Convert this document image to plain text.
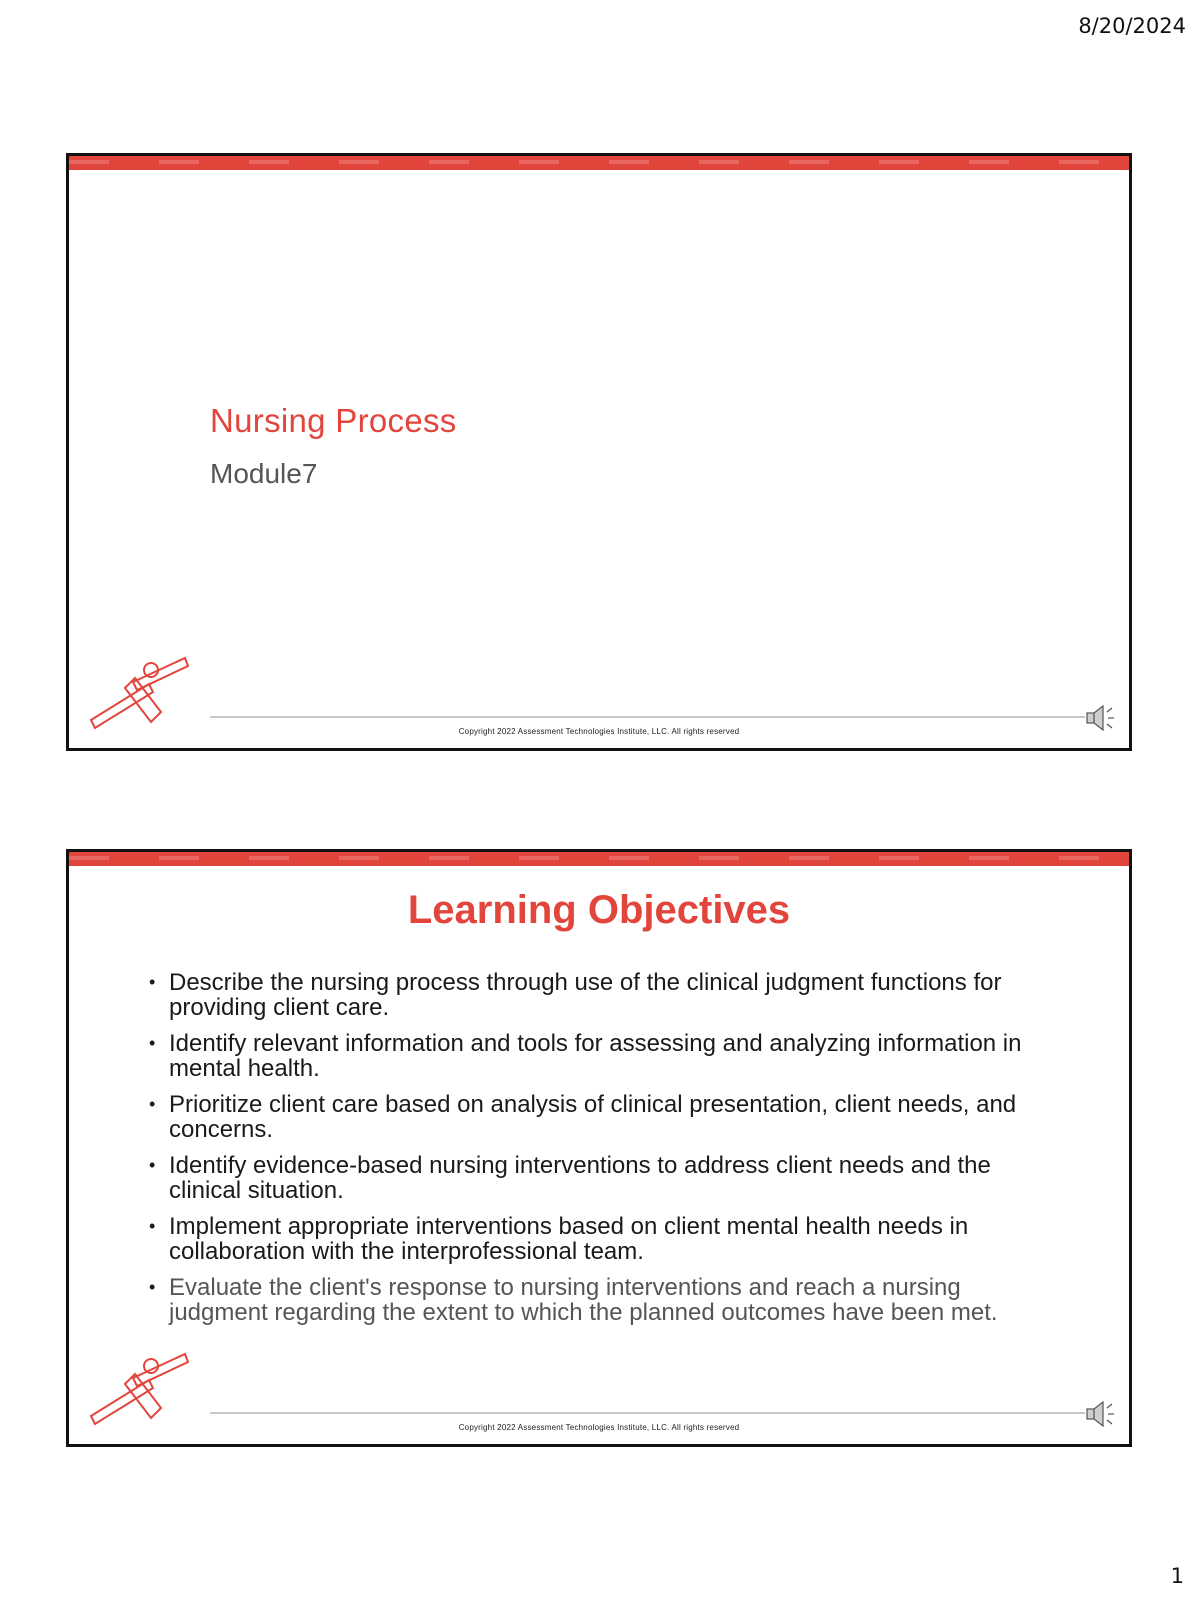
8/20/2024
Nursing Process
Module7
Copyright 2022 Assessment Technologies Institute, LLC. All rights reserved
Learning Objectives
• Describe the nursing process through use of the clinical judgment functions for providing client care.
• Identify relevant information and tools for assessing and analyzing information in mental health.
• Prioritize client care based on analysis of clinical presentation, client needs, and concerns.
• Identify evidence-based nursing interventions to address client needs and the clinical situation.
• Implement appropriate interventions based on client mental health needs in collaboration with the interprofessional team.
• Evaluate the client's response to nursing interventions and reach a nursing judgment regarding the extent to which the planned outcomes have been met.
Copyright 2022 Assessment Technologies Institute, LLC. All rights reserved
1
